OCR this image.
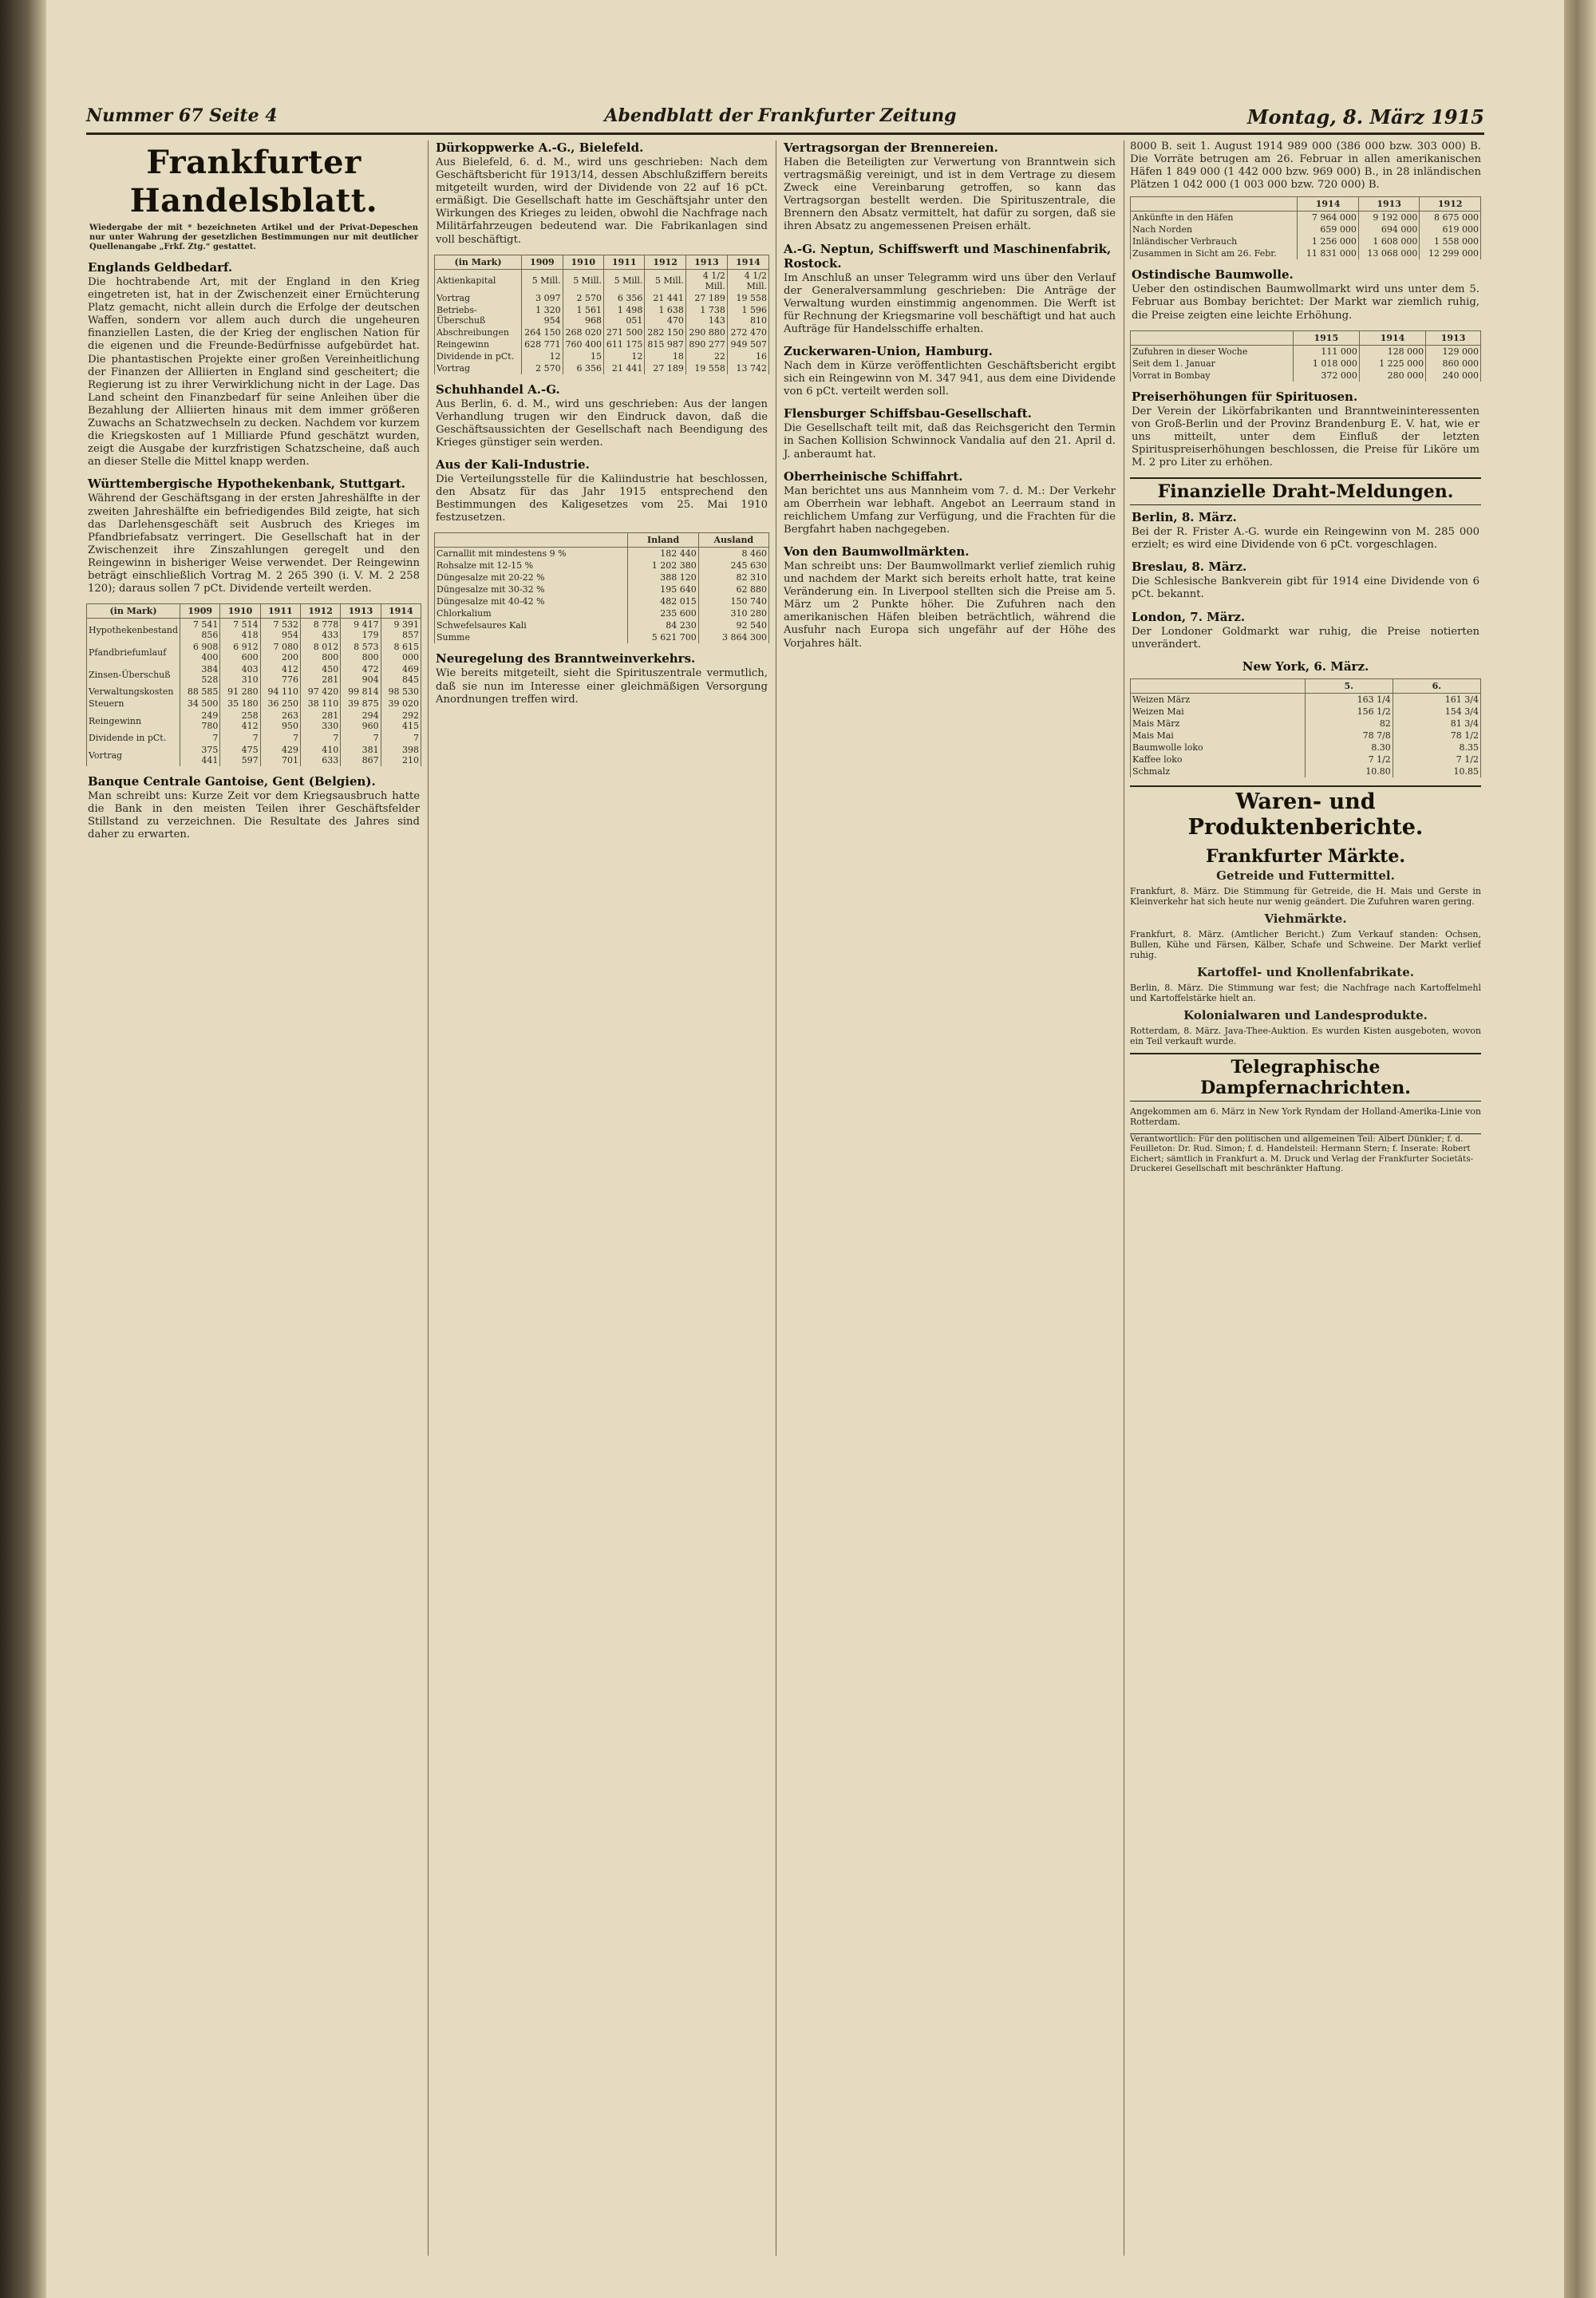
Nummer 67 Seite 4	Abendblatt der Frankfurter Zeitung	Montag, 8. März 1915
Frankfurter Handelsblatt.
Wiedergabe der mit * bezeichneten Artikel und der Privat-Depeschen nur unter Wahrung der gesetzlichen Bestimmungen nur mit deutlicher Quellenangabe „Frkf. Ztg.“ gestattet.
Englands Geldbedarf.
Die hochtrabende Art, mit der England in den Krieg eingetreten ist, hat in der Zwischenzeit einer Ernüchterung Platz gemacht, nicht allein durch die Erfolge der deutschen Waffen, sondern vor allem auch durch die ungeheuren finanziellen Lasten, die der Krieg der englischen Nation für die eigenen und die Freunde-Bedürfnisse aufgebürdet hat. Die phantastischen Projekte einer großen Vereinheitlichung der Finanzen der Alliierten in England sind gescheitert; die Regierung ist zu ihrer Verwirklichung nicht in der Lage. Das Land scheint den Finanzbedarf für seine Anleihen über die Bezahlung der Alliierten hinaus mit dem immer größeren Zuwachs an Schatzwechseln zu decken. Nachdem vor kurzem die Kriegskosten auf 1 Milliarde Pfund geschätzt wurden, zeigt die Ausgabe der kurzfristigen Schatzscheine, daß auch an dieser Stelle die Mittel knapp werden.
Württembergische Hypothekenbank, Stuttgart.
Während der Geschäftsgang in der ersten Jahreshälfte in der zweiten Jahreshälfte ein befriedigendes Bild zeigte, hat sich das Darlehensgeschäft seit Ausbruch des Krieges im Pfandbriefabsatz verringert. Die Gesellschaft hat in der Zwischenzeit ihre Zinszahlungen geregelt und den Reingewinn in bisheriger Weise verwendet. Der Reingewinn beträgt einschließlich Vortrag M. 2 265 390 (i. V. M. 2 258 120); daraus sollen 7 pCt. Dividende verteilt werden.
(in Mark)	1909	1910	1911	1912	1913	1914
Hypothekenbestand	7 541 856	7 514 418	7 532 954	8 778 433	9 417 179	9 391 857
Pfandbriefumlauf	6 908 400	6 912 600	7 080 200	8 012 800	8 573 800	8 615 000
Zinsen-Überschuß	384 528	403 310	412 776	450 281	472 904	469 845
Verwaltungskosten	88 585	91 280	94 110	97 420	99 814	98 530
Steuern	34 500	35 180	36 250	38 110	39 875	39 020
Reingewinn	249 780	258 412	263 950	281 330	294 960	292 415
Dividende in pCt.	7	7	7	7	7	7
Vortrag	375 441	475 597	429 701	410 633	381 867	398 210
Banque Centrale Gantoise, Gent (Belgien).
Man schreibt uns: Kurze Zeit vor dem Kriegsausbruch hatte die Bank in den meisten Teilen ihrer Geschäftsfelder Stillstand zu verzeichnen. Die Resultate des Jahres sind daher zu erwarten.
Dürkoppwerke A.-G., Bielefeld.
Aus Bielefeld, 6. d. M., wird uns geschrieben: Nach dem Geschäftsbericht für 1913/14, dessen Abschlußziffern bereits mitgeteilt wurden, wird der Dividende von 22 auf 16 pCt. ermäßigt. Die Gesellschaft hatte im Geschäftsjahr unter den Wirkungen des Krieges zu leiden, obwohl die Nachfrage nach Militärfahrzeugen bedeutend war. Die Fabrikanlagen sind voll beschäftigt.
(in Mark)	1909	1910	1911	1912	1913	1914
Aktienkapital	5 Mill.	5 Mill.	5 Mill.	5 Mill.	4 1/2 Mill.	4 1/2 Mill.
Vortrag	3 097	2 570	6 356	21 441	27 189	19 558
Betriebs-Überschuß	1 320 954	1 561 968	1 498 051	1 638 470	1 738 143	1 596 810
Abschreibungen	264 150	268 020	271 500	282 150	290 880	272 470
Reingewinn	628 771	760 400	611 175	815 987	890 277	949 507
Dividende in pCt.	12	15	12	18	22	16
Vortrag	2 570	6 356	21 441	27 189	19 558	13 742
Schuhhandel A.-G.
Aus Berlin, 6. d. M., wird uns geschrieben: Aus der langen Verhandlung trugen wir den Eindruck davon, daß die Geschäftsaussichten der Gesellschaft nach Beendigung des Krieges günstiger sein werden.
Aus der Kali-Industrie.
Die Verteilungsstelle für die Kaliindustrie hat beschlossen, den Absatz für das Jahr 1915 entsprechend den Bestimmungen des Kaligesetzes vom 25. Mai 1910 festzusetzen.
	Inland	Ausland
Carnallit mit mindestens 9 %	182 440	8 460
Rohsalze mit 12-15 %	1 202 380	245 630
Düngesalze mit 20-22 %	388 120	82 310
Düngesalze mit 30-32 %	195 640	62 880
Düngesalze mit 40-42 %	482 015	150 740
Chlorkalium	235 600	310 280
Schwefelsaures Kali	84 230	92 540
Summe	5 621 700	3 864 300
Neuregelung des Branntweinverkehrs.
Wie bereits mitgeteilt, sieht die Spirituszentrale vermutlich, daß sie nun im Interesse einer gleichmäßigen Versorgung Anordnungen treffen wird.
Vertragsorgan der Brennereien.
Haben die Beteiligten zur Verwertung von Branntwein sich vertragsmäßig vereinigt, und ist in dem Vertrage zu diesem Zweck eine Vereinbarung getroffen, so kann das Vertragsorgan bestellt werden. Die Spirituszentrale, die Brennern den Absatz vermittelt, hat dafür zu sorgen, daß sie ihren Absatz zu angemessenen Preisen erhält.
A.-G. Neptun, Schiffswerft und Maschinenfabrik, Rostock.
Im Anschluß an unser Telegramm wird uns über den Verlauf der Generalversammlung geschrieben: Die Anträge der Verwaltung wurden einstimmig angenommen. Die Werft ist für Rechnung der Kriegsmarine voll beschäftigt und hat auch Aufträge für Handelsschiffe erhalten.
Zuckerwaren-Union, Hamburg.
Nach dem in Kürze veröffentlichten Geschäftsbericht ergibt sich ein Reingewinn von M. 347 941, aus dem eine Dividende von 6 pCt. verteilt werden soll.
Flensburger Schiffsbau-Gesellschaft.
Die Gesellschaft teilt mit, daß das Reichsgericht den Termin in Sachen Kollision Schwinnock Vandalia auf den 21. April d. J. anberaumt hat.
Oberrheinische Schiffahrt.
Man berichtet uns aus Mannheim vom 7. d. M.: Der Verkehr am Oberrhein war lebhaft. Angebot an Leerraum stand in reichlichem Umfang zur Verfügung, und die Frachten für die Bergfahrt haben nachgegeben.
Von den Baumwollmärkten.
Man schreibt uns: Der Baumwollmarkt verlief ziemlich ruhig und nachdem der Markt sich bereits erholt hatte, trat keine Veränderung ein. In Liverpool stellten sich die Preise am 5. März um 2 Punkte höher. Die Zufuhren nach den amerikanischen Häfen bleiben beträchtlich, während die Ausfuhr nach Europa sich ungefähr auf der Höhe des Vorjahres hält.
8000 B. seit 1. August 1914 989 000 (386 000 bzw. 303 000) B. Die Vorräte betrugen am 26. Februar in allen amerikanischen Häfen 1 849 000 (1 442 000 bzw. 969 000) B., in 28 inländischen Plätzen 1 042 000 (1 003 000 bzw. 720 000) B.
	1914	1913	1912
Ankünfte in den Häfen	7 964 000	9 192 000	8 675 000
Nach Norden	659 000	694 000	619 000
Inländischer Verbrauch	1 256 000	1 608 000	1 558 000
Zusammen in Sicht am 26. Febr.	11 831 000	13 068 000	12 299 000
Ostindische Baumwolle.
Ueber den ostindischen Baumwollmarkt wird uns unter dem 5. Februar aus Bombay berichtet: Der Markt war ziemlich ruhig, die Preise zeigten eine leichte Erhöhung.
	1915	1914	1913
Zufuhren in dieser Woche	111 000	128 000	129 000
Seit dem 1. Januar	1 018 000	1 225 000	860 000
Vorrat in Bombay	372 000	280 000	240 000
Preiserhöhungen für Spirituosen.
Der Verein der Likörfabrikanten und Branntweininteressenten von Groß-Berlin und der Provinz Brandenburg E. V. hat, wie er uns mitteilt, unter dem Einfluß der letzten Spirituspreiserhöhungen beschlossen, die Preise für Liköre um M. 2 pro Liter zu erhöhen.
Finanzielle Draht-Meldungen.
Berlin, 8. März.
Bei der R. Frister A.-G. wurde ein Reingewinn von M. 285 000 erzielt; es wird eine Dividende von 6 pCt. vorgeschlagen.
Breslau, 8. März.
Die Schlesische Bankverein gibt für 1914 eine Dividende von 6 pCt. bekannt.
London, 7. März.
Der Londoner Goldmarkt war ruhig, die Preise notierten unverändert.
New York, 6. März.
	5.	6.
Weizen März	163 1/4	161 3/4
Weizen Mai	156 1/2	154 3/4
Mais März	82	81 3/4
Mais Mai	78 7/8	78 1/2
Baumwolle loko	8.30	8.35
Kaffee loko	7 1/2	7 1/2
Schmalz	10.80	10.85
Waren- und Produktenberichte.
Frankfurter Märkte.
Getreide und Futtermittel.
Frankfurt, 8. März. Die Stimmung für Getreide, die H. Mais und Gerste in Kleinverkehr hat sich heute nur wenig geändert. Die Zufuhren waren gering.
Viehmärkte.
Frankfurt, 8. März. (Amtlicher Bericht.) Zum Verkauf standen: Ochsen, Bullen, Kühe und Färsen, Kälber, Schafe und Schweine. Der Markt verlief ruhig.
Kartoffel- und Knollenfabrikate.
Berlin, 8. März. Die Stimmung war fest; die Nachfrage nach Kartoffelmehl und Kartoffelstärke hielt an.
Kolonialwaren und Landesprodukte.
Rotterdam, 8. März. Java-Thee-Auktion. Es wurden Kisten ausgeboten, wovon ein Teil verkauft wurde.
Telegraphische Dampfernachrichten.
Angekommen am 6. März in New York Ryndam der Holland-Amerika-Linie von Rotterdam.
Verantwortlich: Für den politischen und allgemeinen Teil: Albert Dünkler; f. d. Feuilleton: Dr. Rud. Simon; f. d. Handelsteil: Hermann Stern; f. Inserate: Robert Eichert; sämtlich in Frankfurt a. M. Druck und Verlag der Frankfurter Societäts-Druckerei Gesellschaft mit beschränkter Haftung.
